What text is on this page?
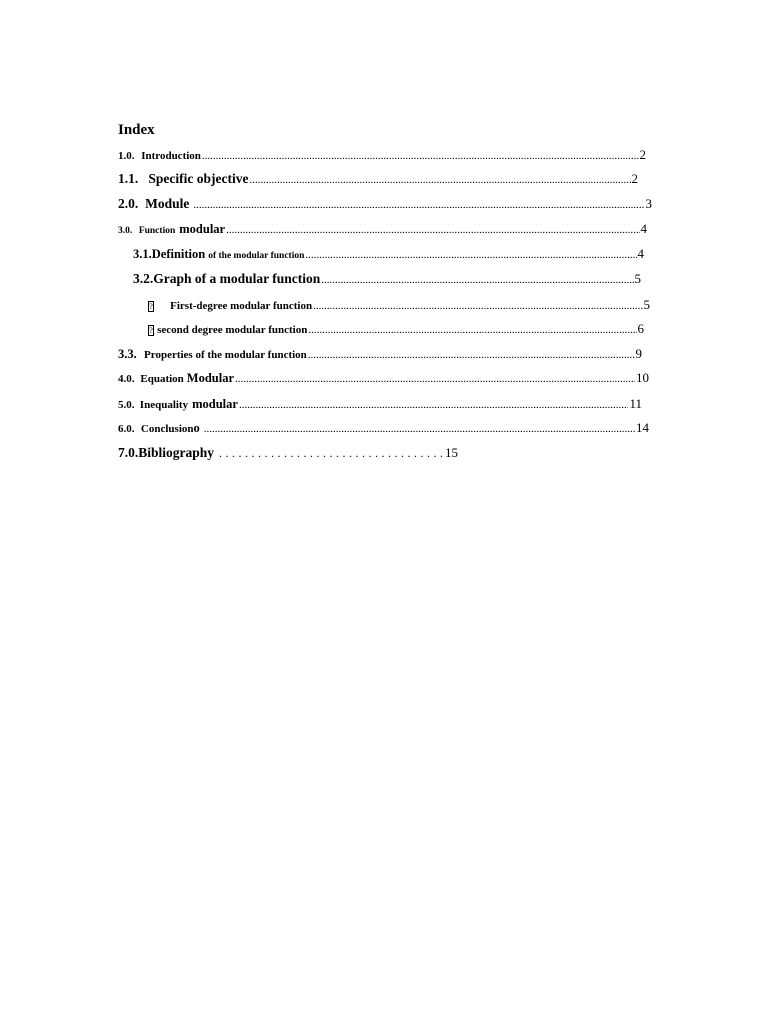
Index
1.0. Introduction .....	2
1.1. Specific objective .....	2
2.0. Module .....	3
3.0. Function modular .....	4
3.1. Definition of the modular function .....	4
3.2. Graph of a modular function .....	5
? First-degree modular function .....	5
? second degree modular function .....	6
3.3. Properties of the modular function .....	9
4.0. Equation Modular .....	10
5.0. Inequality modular .....	11
6.0. Conclusion o .....	14
7.0. Bibliography .....	15
